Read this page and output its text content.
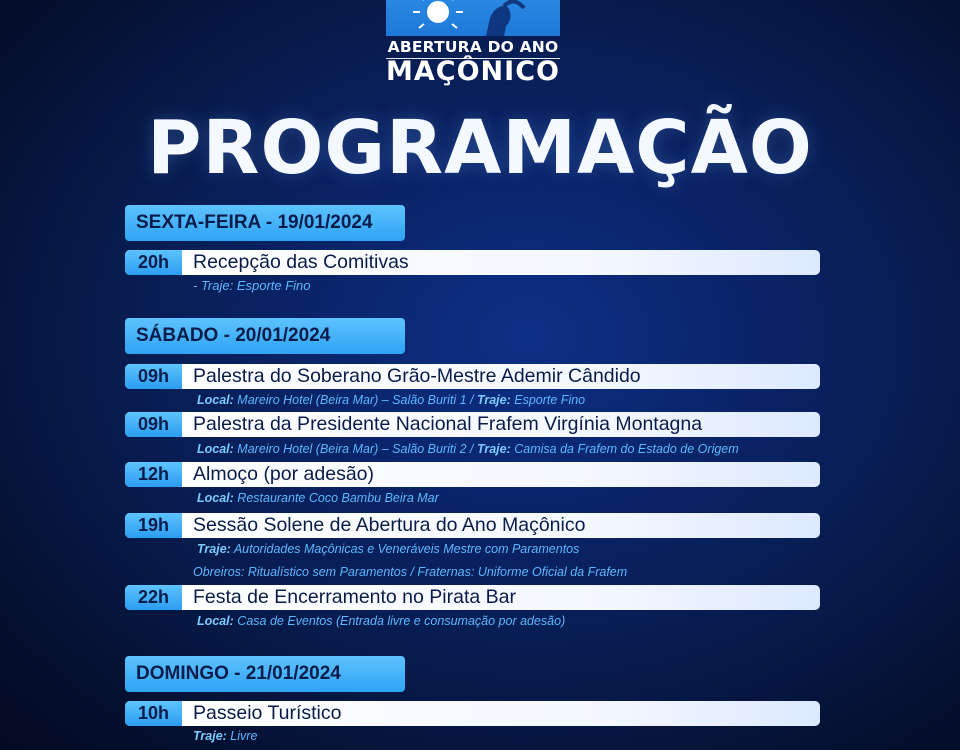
ABERTURA DO ANO
MAÇÔNICO
PROGRAMAÇÃO
SEXTA-FEIRA - 19/01/2024
20h	Recepção das Comitivas
- Traje: Esporte Fino
SÁBADO - 20/01/2024
09h	Palestra do Soberano Grão-Mestre Ademir Cândido
Local: Mareiro Hotel (Beira Mar) – Salão Buriti 1 / Traje: Esporte Fino
09h	Palestra da Presidente Nacional Frafem Virgínia Montagna
Local: Mareiro Hotel (Beira Mar) – Salão Buriti 2 / Traje: Camisa da Frafem do Estado de Origem
12h	Almoço (por adesão)
Local: Restaurante Coco Bambu Beira Mar
19h	Sessão Solene de Abertura do Ano Maçônico
Traje: Autoridades Maçônicas e Veneráveis Mestre com Paramentos
Obreiros: Ritualístico sem Paramentos / Fraternas: Uniforme Oficial da Frafem
22h	Festa de Encerramento no Pirata Bar
Local: Casa de Eventos (Entrada livre e consumação por adesão)
DOMINGO - 21/01/2024
10h	Passeio Turístico
Traje: Livre
